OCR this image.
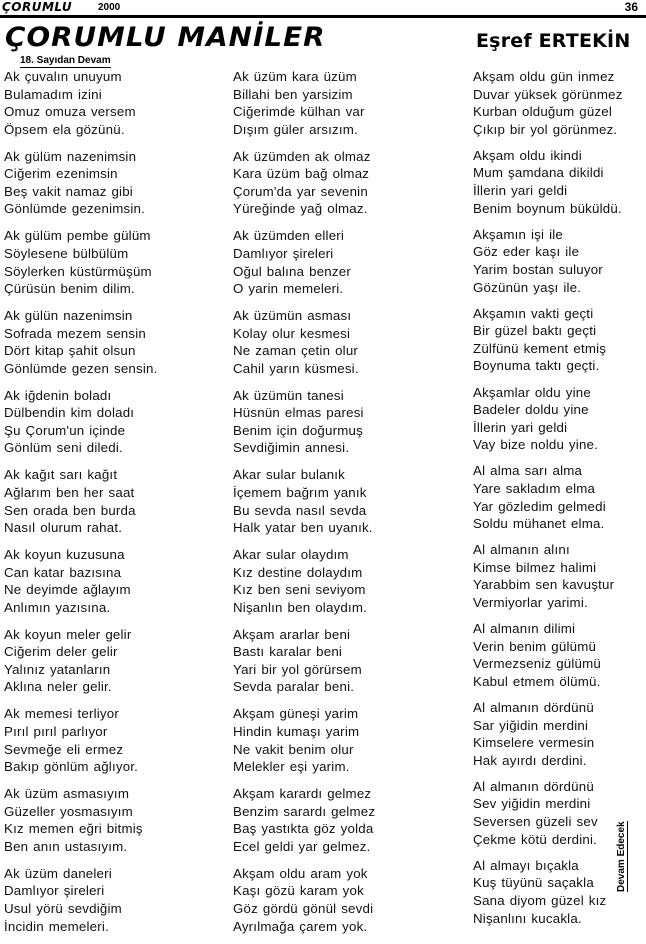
ÇORUMLU	2000	36
ÇORUMLU MANİLER	Eşref ERTEKİN
18. Sayıdan Devam
Ak çuvalın unuyum
Bulamadım izini
Omuz omuza versem
Öpsem ela gözünü.
Ak gülüm nazenimsin
Ciğerim ezenimsin
Beş vakit namaz gibi
Gönlümde gezenimsin.
Ak gülüm pembe gülüm
Söylesene bülbülüm
Söylerken küstürmüşüm
Çürüsün benim dilim.
Ak gülün nazenimsin
Sofrada mezem sensin
Dört kitap şahit olsun
Gönlümde gezen sensin.
Ak iğdenin boladı
Dülbendin kim doladı
Şu Çorum'un içinde
Gönlüm seni diledi.
Ak kağıt sarı kağıt
Ağlarım ben her saat
Sen orada ben burda
Nasıl olurum rahat.
Ak koyun kuzusuna
Can katar bazısına
Ne deyimde ağlayım
Anlımın yazısına.
Ak koyun meler gelir
Ciğerim deler gelir
Yalınız yatanların
Aklına neler gelir.
Ak memesi terliyor
Pırıl pırıl parlıyor
Sevmeğe eli ermez
Bakıp gönlüm ağlıyor.
Ak üzüm asmasıyım
Güzeller yosmasıyım
Kız memen eğri bitmiş
Ben anın ustasıyım.
Ak üzüm daneleri
Damlıyor şireleri
Usul yörü sevdiğim
İncidin memeleri.
Ak üzüm kara üzüm
Billahi ben yarsizim
Ciğerimde külhan var
Dışım güler arsızım.
Ak üzümden ak olmaz
Kara üzüm bağ olmaz
Çorum'da yar sevenin
Yüreğinde yağ olmaz.
Ak üzümden elleri
Damlıyor şireleri
Oğul balına benzer
O yarin memeleri.
Ak üzümün asması
Kolay olur kesmesi
Ne zaman çetin olur
Cahil yarın küsmesi.
Ak üzümün tanesi
Hüsnün elmas paresi
Benim için doğurmuş
Sevdiğimin annesi.
Akar sular bulanık
İçemem bağrım yanık
Bu sevda nasıl sevda
Halk yatar ben uyanık.
Akar sular olaydım
Kız destine dolaydım
Kız ben seni seviyom
Nişanlın ben olaydım.
Akşam ararlar beni
Bastı karalar beni
Yari bir yol görürsem
Sevda paralar beni.
Akşam güneşi yarim
Hindin kumaşı yarim
Ne vakit benim olur
Melekler eşi yarim.
Akşam karardı gelmez
Benzim sarardı gelmez
Baş yastıkta göz yolda
Ecel geldi yar gelmez.
Akşam oldu aram yok
Kaşı gözü karam yok
Göz gördü gönül sevdi
Ayrılmağa çarem yok.
Akşam oldu gün inmez
Duvar yüksek görünmez
Kurban olduğum güzel
Çıkıp bir yol görünmez.
Akşam oldu ikindi
Mum şamdana dikildi
İllerin yari geldi
Benim boynum büküldü.
Akşamın işi ile
Göz eder kaşı ile
Yarim bostan suluyor
Gözünün yaşı ile.
Akşamın vakti geçti
Bir güzel baktı geçti
Zülfünü kement etmiş
Boynuma taktı geçti.
Akşamlar oldu yine
Badeler doldu yine
İllerin yari geldi
Vay bize noldu yine.
Al alma sarı alma
Yare sakladım elma
Yar gözledim gelmedi
Soldu mühanet elma.
Al almanın alını
Kimse bilmez halimi
Yarabbim sen kavuştur
Vermiyorlar yarimi.
Al almanın dilimi
Verin benim gülümü
Vermezseniz gülümü
Kabul etmem ölümü.
Al almanın dördünü
Sar yiğidin merdini
Kimselere vermesin
Hak ayırdı derdini.
Al almanın dördünü
Sev yiğidin merdini
Seversen güzeli sev
Çekme kötü derdini.
Al almayı bıçakla
Kuş tüyünü saçakla
Sana diyom güzel kız
Nişanlını kucakla.
Devam Edecek
